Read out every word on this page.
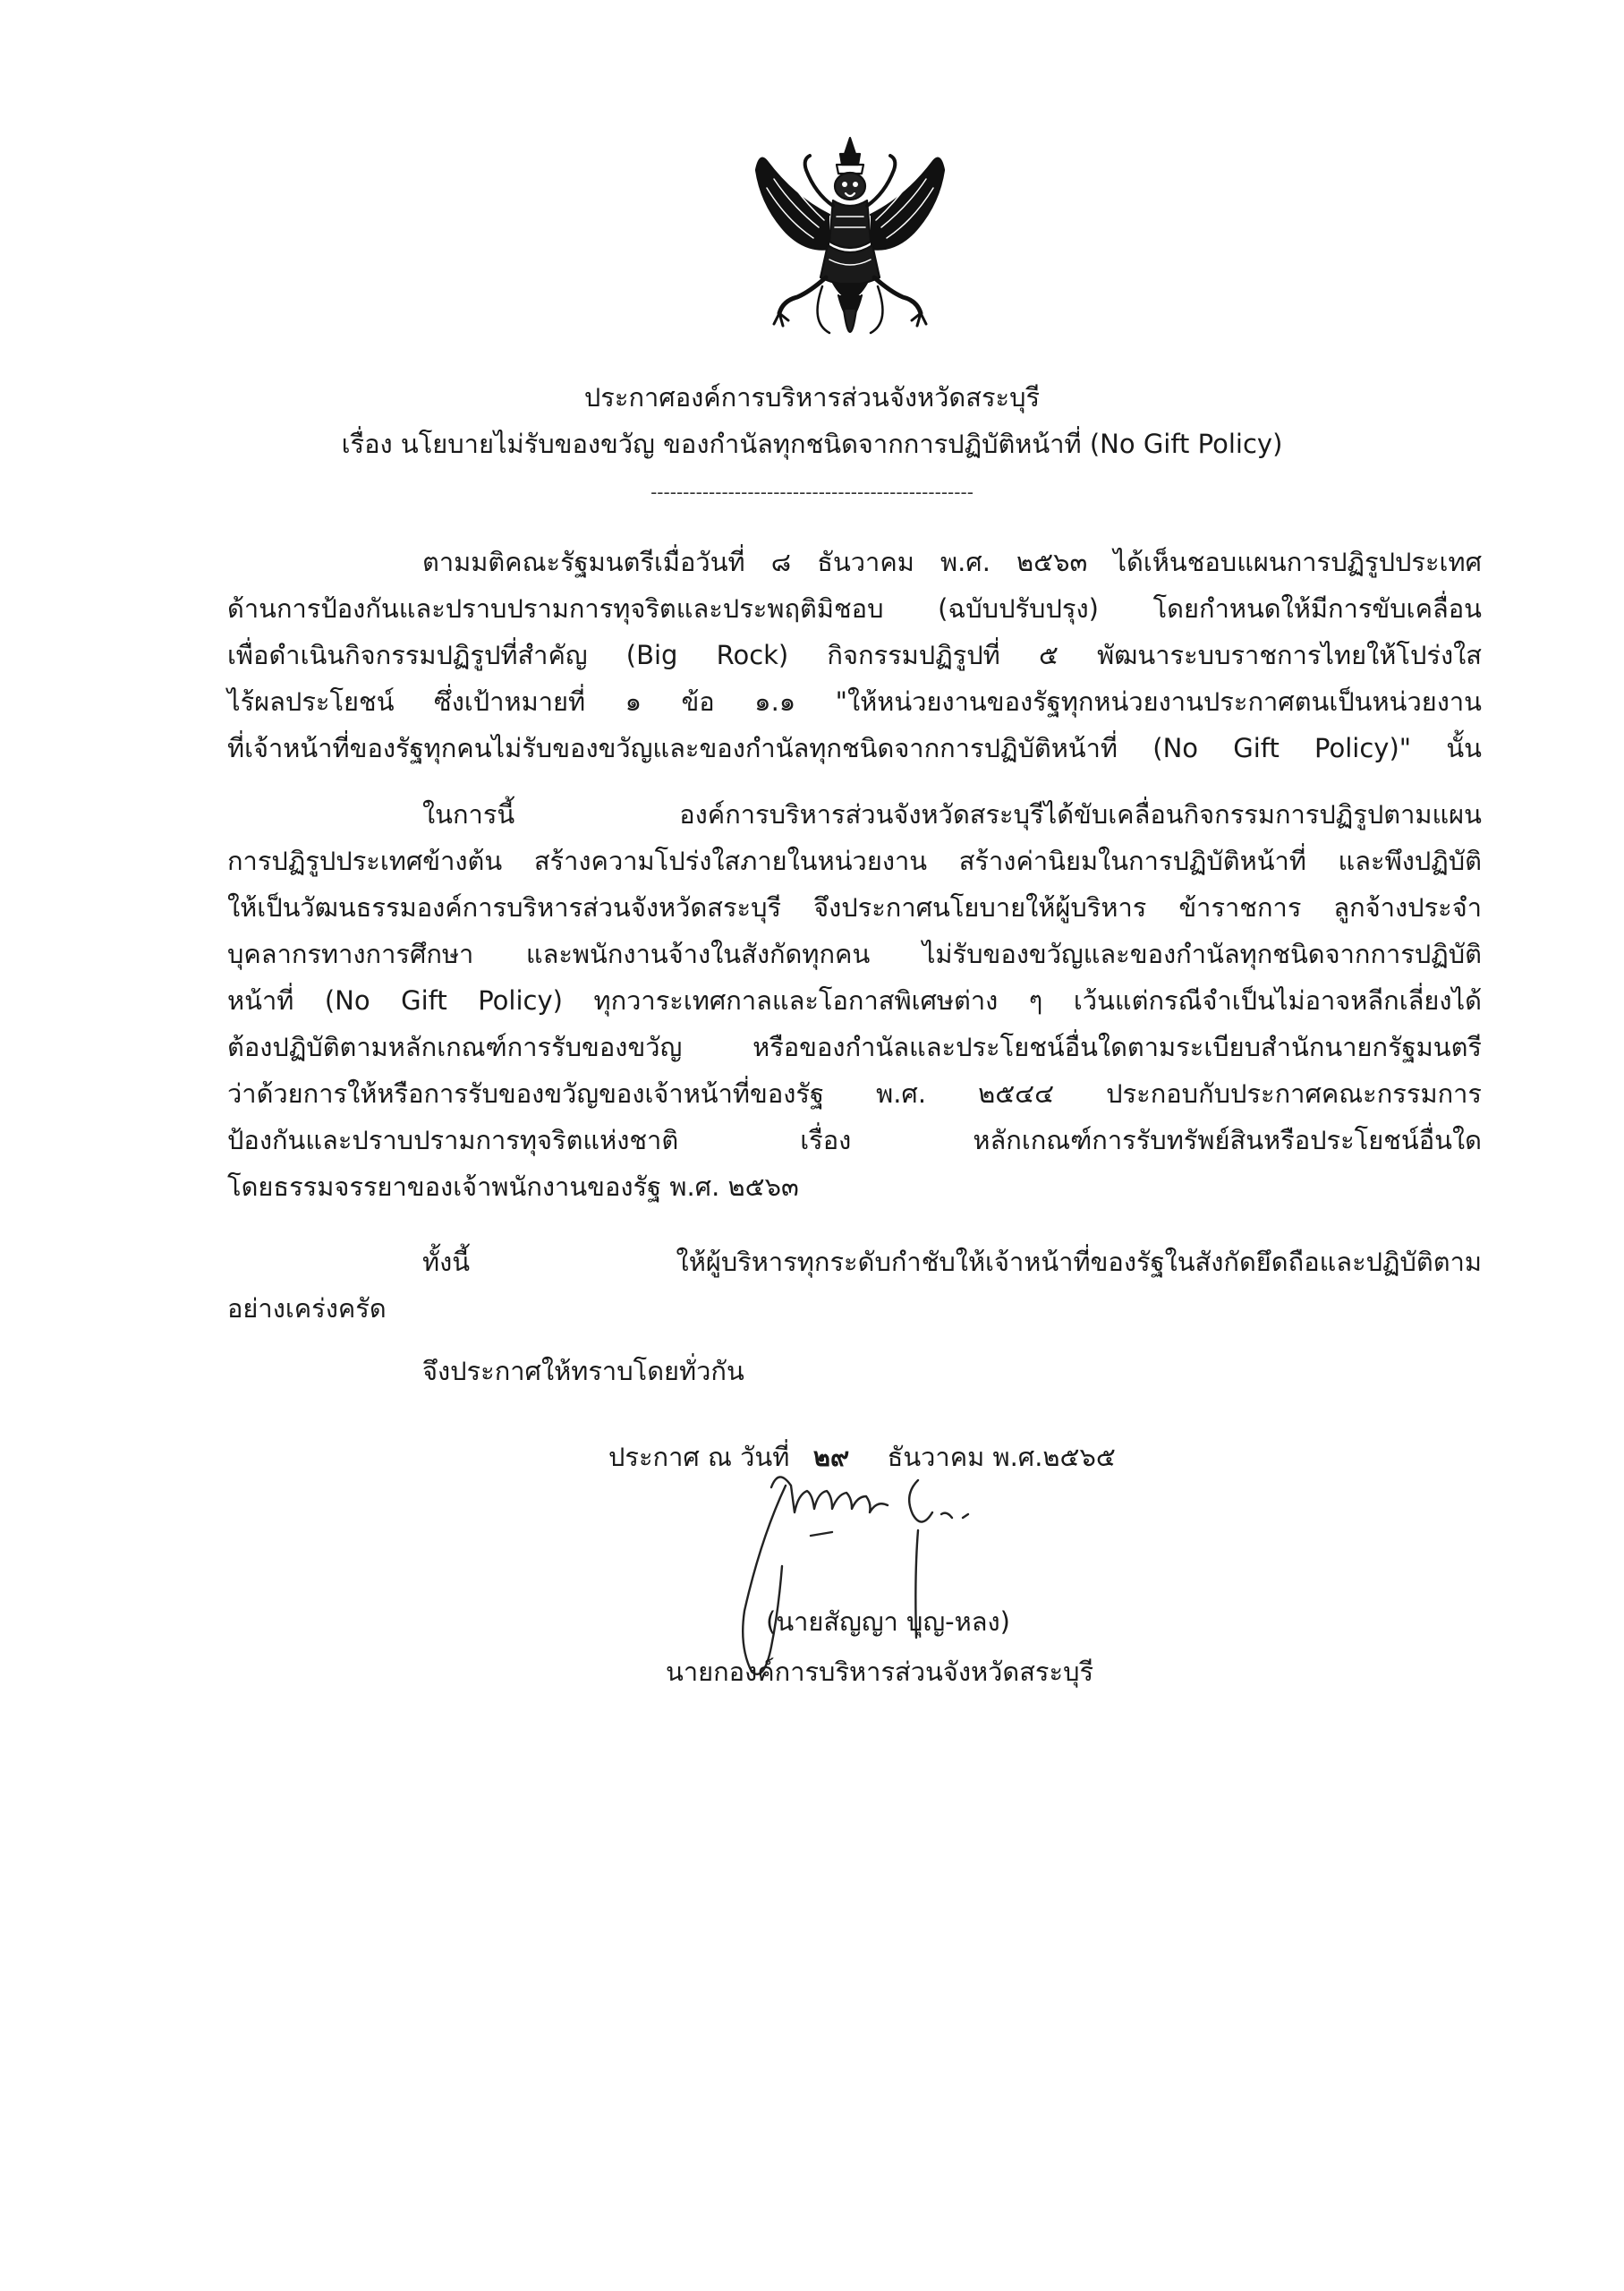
ประกาศองค์การบริหารส่วนจังหวัดสระบุรี
เรื่อง นโยบายไม่รับของขวัญ ของกำนัลทุกชนิดจากการปฏิบัติหน้าที่ (No Gift Policy)
--------------------------------------------------
ตามมติคณะรัฐมนตรีเมื่อวันที่ ๘ ธันวาคม พ.ศ. ๒๕๖๓ ได้เห็นชอบแผนการปฏิรูปประเทศ
ด้านการป้องกันและปราบปรามการทุจริตและประพฤติมิชอบ (ฉบับปรับปรุง) โดยกำหนดให้มีการขับเคลื่อน
เพื่อดำเนินกิจกรรมปฏิรูปที่สำคัญ (Big Rock) กิจกรรมปฏิรูปที่ ๕ พัฒนาระบบราชการไทยให้โปร่งใส
ไร้ผลประโยชน์ ซึ่งเป้าหมายที่ ๑ ข้อ ๑.๑ "ให้หน่วยงานของรัฐทุกหน่วยงานประกาศตนเป็นหน่วยงาน
ที่เจ้าหน้าที่ของรัฐทุกคนไม่รับของขวัญและของกำนัลทุกชนิดจากการปฏิบัติหน้าที่ (No Gift Policy)" นั้น
ในการนี้ องค์การบริหารส่วนจังหวัดสระบุรีได้ขับเคลื่อนกิจกรรมการปฏิรูปตามแผน
การปฏิรูปประเทศข้างต้น สร้างความโปร่งใสภายในหน่วยงาน สร้างค่านิยมในการปฏิบัติหน้าที่ และพึงปฏิบัติ
ให้เป็นวัฒนธรรมองค์การบริหารส่วนจังหวัดสระบุรี จึงประกาศนโยบายให้ผู้บริหาร ข้าราชการ ลูกจ้างประจำ
บุคลากรทางการศึกษา และพนักงานจ้างในสังกัดทุกคน ไม่รับของขวัญและของกำนัลทุกชนิดจากการปฏิบัติ
หน้าที่ (No Gift Policy) ทุกวาระเทศกาลและโอกาสพิเศษต่าง ๆ เว้นแต่กรณีจำเป็นไม่อาจหลีกเลี่ยงได้
ต้องปฏิบัติตามหลักเกณฑ์การรับของขวัญ หรือของกำนัลและประโยชน์อื่นใดตามระเบียบสำนักนายกรัฐมนตรี
ว่าด้วยการให้หรือการรับของขวัญของเจ้าหน้าที่ของรัฐ พ.ศ. ๒๕๔๔ ประกอบกับประกาศคณะกรรมการ
ป้องกันและปราบปรามการทุจริตแห่งชาติ เรื่อง หลักเกณฑ์การรับทรัพย์สินหรือประโยชน์อื่นใด
โดยธรรมจรรยาของเจ้าพนักงานของรัฐ พ.ศ. ๒๕๖๓
ทั้งนี้ ให้ผู้บริหารทุกระดับกำชับให้เจ้าหน้าที่ของรัฐในสังกัดยึดถือและปฏิบัติตาม
อย่างเคร่งครัด
จึงประกาศให้ทราบโดยทั่วกัน
ประกาศ ณ วันที่ ๒๙ ธันวาคม พ.ศ.๒๕๖๕
(นายสัญญา บุญ-หลง)
นายกองค์การบริหารส่วนจังหวัดสระบุรี
